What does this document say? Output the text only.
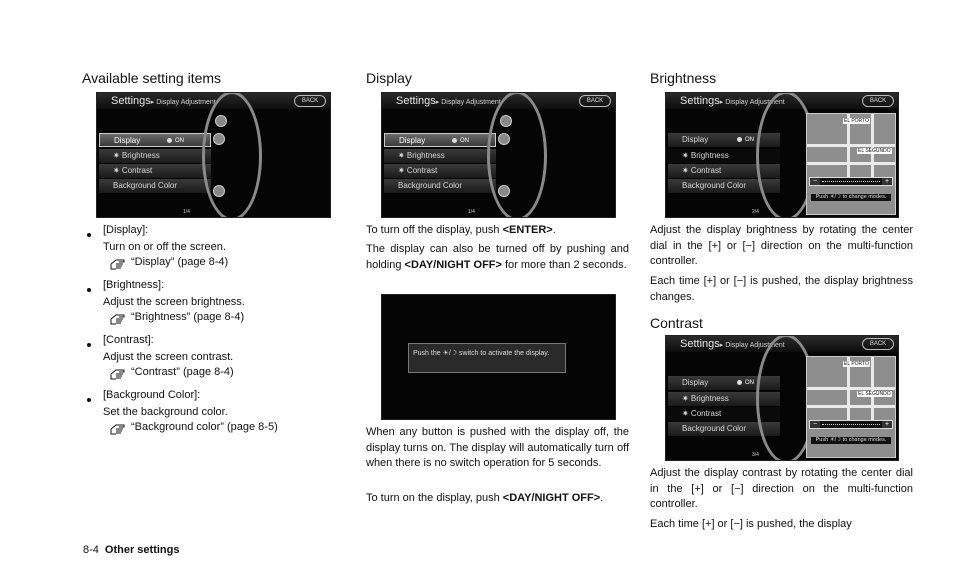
Available setting items
Settings▸ Display Adjustment	BACK
Display	ON
✷ Brightness
✷ Contrast
Background Color
1/4
[Display]:
Turn on or off the screen.
“Display” (page 8-4)
[Brightness]:
Adjust the screen brightness.
“Brightness” (page 8-4)
[Contrast]:
Adjust the screen contrast.
“Contrast” (page 8-4)
[Background Color]:
Set the background color.
“Background color” (page 8-5)
Display
Settings▸ Display Adjustment	BACK
Display	ON
✷ Brightness
✷ Contrast
Background Color
1/4
To turn off the display, push <ENTER>.
The display can also be turned off by pushing and holding <DAY/NIGHT OFF> for more than 2 seconds.
Push the ☀/☽ switch to activate the display.
When any button is pushed with the display off, the display turns on. The display will automatically turn off when there is no switch operation for 5 seconds.
To turn on the display, push <DAY/NIGHT OFF>.
Brightness
Settings▸ Display Adjustment	BACK
Display	ON
✷ Brightness
✷ Contrast
Background Color
EL PORTO
EL SEGUNDO
−	+
Push ☀/☽ to change modes.
2/4
Adjust the display brightness by rotating the center dial in the [+] or [−] direction on the multi-function controller.
Each time [+] or [−] is pushed, the display brightness changes.
Contrast
Settings▸ Display Adjustment	BACK
Display	ON
✷ Brightness
✷ Contrast
Background Color
EL PORTO
EL SEGUNDO
−	+
Push ☀/☽ to change modes.
3/4
Adjust the display contrast by rotating the center dial in the [+] or [−] direction on the multi-function controller.
Each time [+] or [−] is pushed, the display
8-4 Other settings
